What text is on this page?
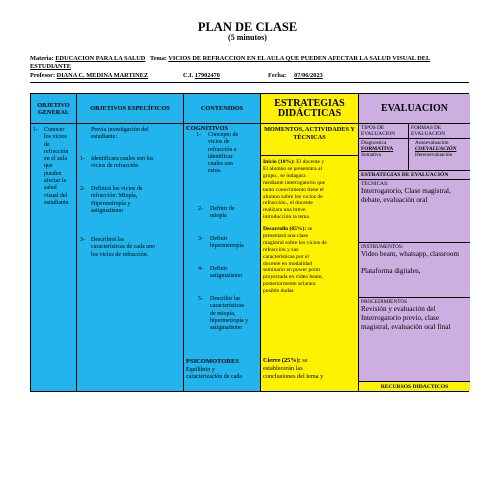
PLAN DE CLASE
(5 minutos)
Materia: EDUCACION PARA LA SALUD Tema: VICIOS DE REFRACCION EN EL AULA QUE PUEDEN AFECTAR LA SALUD VISUAL DEL
ESTUDIANTE
Profesor: DIANA C. MEDINA MARTINEZ	C.I. 17902470	Fecha: 07/06/2023
OBJETIVO GENERAL
1- Conocer
los vicios
de
refracción
en el aula
que
pueden
afectar la
salud
visual del
estudiante.
OBJETIVOS ESPECÍFICOS
Previa investigación del
estudiante:
1- Identificara cuales son los
vicios de refracción
2- Definirá los vicios de
refracción: Miopía,
Hipermetropía y
astigmatismo
3- Describirá las
características de cada uno
los vicios de refracción.
CONTENIDOS
COGNITIVOS
1- Concepto de
vicios de
refracción e
identificar
cuales son
estos.
2- Definir de
miopía
3- Definir
hipermetropía
4- Definir
astigmatismo
5- Describir las
características
de miopía,
hipermetropía y
astigmatismo
PSICOMOTORES
Equilibrio y
caracterización de cada
ESTRATEGIAS DIDÁCTICAS
MOMENTOS, ACTIVIDADES Y TÉCNICAS
Inicio (10%): El docente y
El alumno se presentara al
grupo., se indagara
mediante interrogatorio que
tanto conocimiento tiene el
alumno sobre los vicios de
refracción., el docente
realizara una breve
introducción la tema
Desarrollo (65%): se
presentará una clase
magistral sobre los vicios de
refracción y sus
características por el
docente en modalidad
seminario en power point
proyectada en video beam,
posteriormente aclarara
posible dudas
Cierre (25%): se
establecerán las
conclusiones del tema y
EVALUACION
TIPOS DE EVALUACION
Diagnostica
FORMATIVA
Sumativa
FORMAS DE EVALUACION
Autoevaluación
COEVALUACIÓN
Heteroevaluación
ESTRATEGIAS DE EVALUACIÓN
TÉCNICAS:
Interrogatorio, Clase magistral,
debate, evaluación oral
INSTRUMENTOS:
Video beam, whatsapp, classroom
Plataforma digitales,
PROCEDIMIENTOS
Revisión y evaluación del
Interrogatorio previo, clase
magistral, evaluación oral final
RECURSOS DIDACTICOS
